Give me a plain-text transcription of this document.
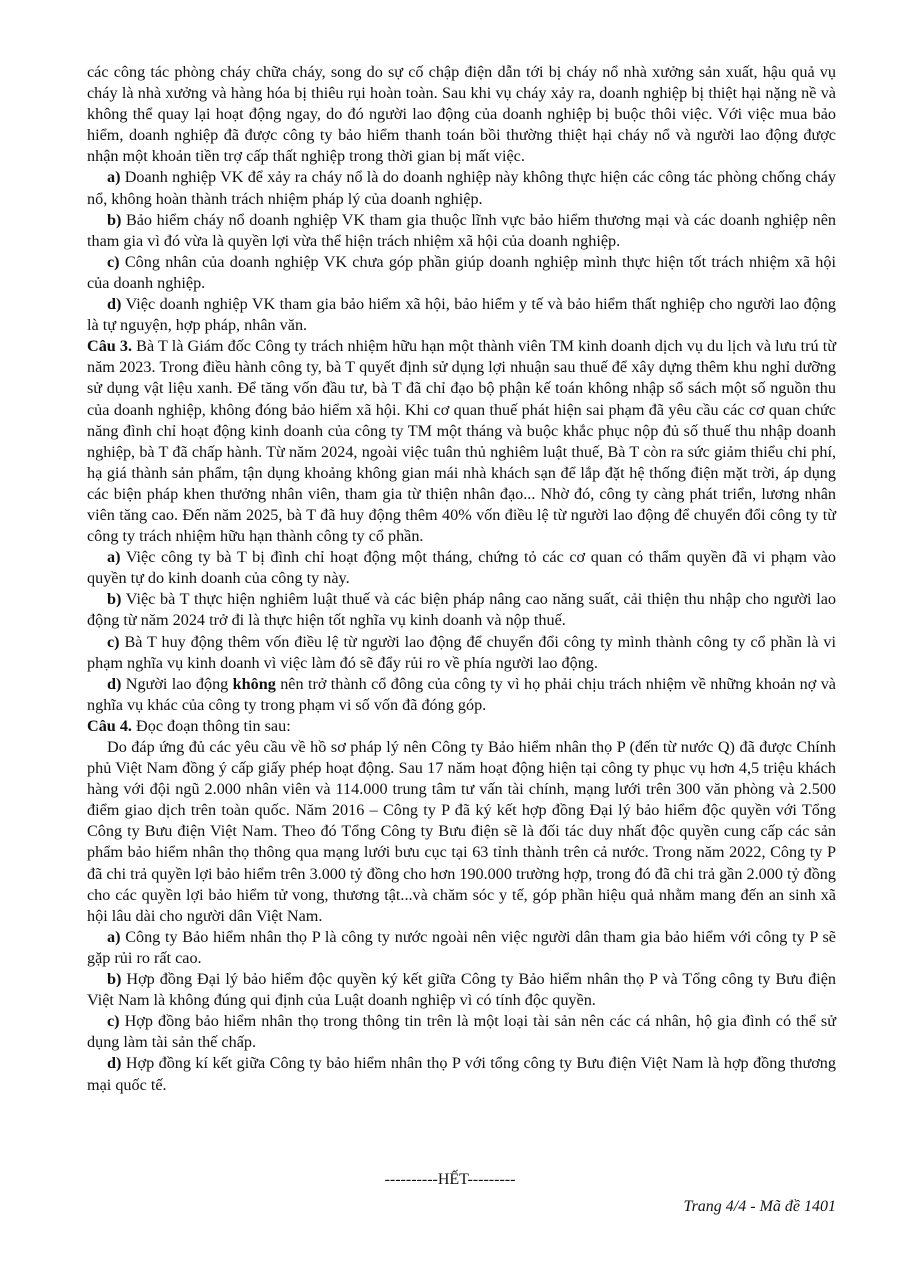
các công tác phòng cháy chữa cháy, song do sự cố chập điện dẫn tới bị cháy nổ nhà xưởng sản xuất, hậu quả vụ cháy là nhà xưởng và hàng hóa bị thiêu rụi hoàn toàn. Sau khi vụ cháy xảy ra, doanh nghiệp bị thiệt hại nặng nề và không thể quay lại hoạt động ngay, do đó người lao động của doanh nghiệp bị buộc thôi việc. Với việc mua bảo hiểm, doanh nghiệp đã được công ty bảo hiểm thanh toán bồi thường thiệt hại cháy nổ và người lao động được nhận một khoản tiền trợ cấp thất nghiệp trong thời gian bị mất việc.

a) Doanh nghiệp VK để xảy ra cháy nổ là do doanh nghiệp này không thực hiện các công tác phòng chống cháy nổ, không hoàn thành trách nhiệm pháp lý của doanh nghiệp.

b) Bảo hiểm cháy nổ doanh nghiệp VK tham gia thuộc lĩnh vực bảo hiểm thương mại và các doanh nghiệp nên tham gia vì đó vừa là quyền lợi vừa thể hiện trách nhiệm xã hội của doanh nghiệp.

c) Công nhân của doanh nghiệp VK chưa góp phần giúp doanh nghiệp mình thực hiện tốt trách nhiệm xã hội của doanh nghiệp.

d) Việc doanh nghiệp VK tham gia bảo hiểm xã hội, bảo hiểm y tế và bảo hiểm thất nghiệp cho người lao động là tự nguyện, hợp pháp, nhân văn.

Câu 3. Bà T là Giám đốc Công ty trách nhiệm hữu hạn một thành viên TM kinh doanh dịch vụ du lịch và lưu trú từ năm 2023. Trong điều hành công ty, bà T quyết định sử dụng lợi nhuận sau thuế để xây dựng thêm khu nghỉ dưỡng sử dụng vật liệu xanh. Để tăng vốn đầu tư, bà T đã chỉ đạo bộ phận kế toán không nhập sổ sách một số nguồn thu của doanh nghiệp, không đóng bảo hiểm xã hội. Khi cơ quan thuế phát hiện sai phạm đã yêu cầu các cơ quan chức năng đình chỉ hoạt động kinh doanh của công ty TM một tháng và buộc khắc phục nộp đủ số thuế thu nhập doanh nghiệp, bà T đã chấp hành. Từ năm 2024, ngoài việc tuân thủ nghiêm luật thuế, Bà T còn ra sức giảm thiểu chi phí, hạ giá thành sản phẩm, tận dụng khoảng không gian mái nhà khách sạn để lắp đặt hệ thống điện mặt trời, áp dụng các biện pháp khen thưởng nhân viên, tham gia từ thiện nhân đạo... Nhờ đó, công ty càng phát triển, lương nhân viên tăng cao. Đến năm 2025, bà T đã huy động thêm 40% vốn điều lệ từ người lao động để chuyển đổi công ty từ công ty trách nhiệm hữu hạn thành công ty cổ phần.

a) Việc công ty bà T bị đình chỉ hoạt động một tháng, chứng tỏ các cơ quan có thẩm quyền đã vi phạm vào quyền tự do kinh doanh của công ty này.

b) Việc bà T thực hiện nghiêm luật thuế và các biện pháp nâng cao năng suất, cải thiện thu nhập cho người lao động từ năm 2024 trở đi là thực hiện tốt nghĩa vụ kinh doanh và nộp thuế.

c) Bà T huy động thêm vốn điều lệ từ người lao động để chuyển đổi công ty mình thành công ty cổ phần là vi phạm nghĩa vụ kinh doanh vì việc làm đó sẽ đẩy rủi ro về phía người lao động.

d) Người lao động không nên trở thành cổ đông của công ty vì họ phải chịu trách nhiệm về những khoản nợ và nghĩa vụ khác của công ty trong phạm vi số vốn đã đóng góp.

Câu 4. Đọc đoạn thông tin sau:

Do đáp ứng đủ các yêu cầu về hồ sơ pháp lý nên Công ty Bảo hiểm nhân thọ P (đến từ nước Q) đã được Chính phủ Việt Nam đồng ý cấp giấy phép hoạt động. Sau 17 năm hoạt động hiện tại công ty phục vụ hơn 4,5 triệu khách hàng với đội ngũ 2.000 nhân viên và 114.000 trung tâm tư vấn tài chính, mạng lưới trên 300 văn phòng và 2.500 điểm giao dịch trên toàn quốc. Năm 2016 – Công ty P đã ký kết hợp đồng Đại lý bảo hiểm độc quyền với Tổng Công ty Bưu điện Việt Nam. Theo đó Tổng Công ty Bưu điện sẽ là đối tác duy nhất độc quyền cung cấp các sản phẩm bảo hiểm nhân thọ thông qua mạng lưới bưu cục tại 63 tỉnh thành trên cả nước. Trong năm 2022, Công ty P đã chi trả quyền lợi bảo hiểm trên 3.000 tỷ đồng cho hơn 190.000 trường hợp, trong đó đã chi trả gần 2.000 tỷ đồng cho các quyền lợi bảo hiểm tử vong, thương tật...và chăm sóc y tế, góp phần hiệu quả nhằm mang đến an sinh xã hội lâu dài cho người dân Việt Nam.

a) Công ty Bảo hiểm nhân thọ P là công ty nước ngoài nên việc người dân tham gia bảo hiểm với công ty P sẽ gặp rủi ro rất cao.

b) Hợp đồng Đại lý bảo hiểm độc quyền ký kết giữa Công ty Bảo hiểm nhân thọ P và Tổng công ty Bưu điện Việt Nam là không đúng qui định của Luật doanh nghiệp vì có tính độc quyền.

c) Hợp đồng bảo hiểm nhân thọ trong thông tin trên là một loại tài sản nên các cá nhân, hộ gia đình có thể sử dụng làm tài sản thế chấp.

d) Hợp đồng kí kết giữa Công ty bảo hiểm nhân thọ P với tổng công ty Bưu điện Việt Nam là hợp đồng thương mại quốc tế.

----------HẾT---------
Trang 4/4 - Mã đề 1401
